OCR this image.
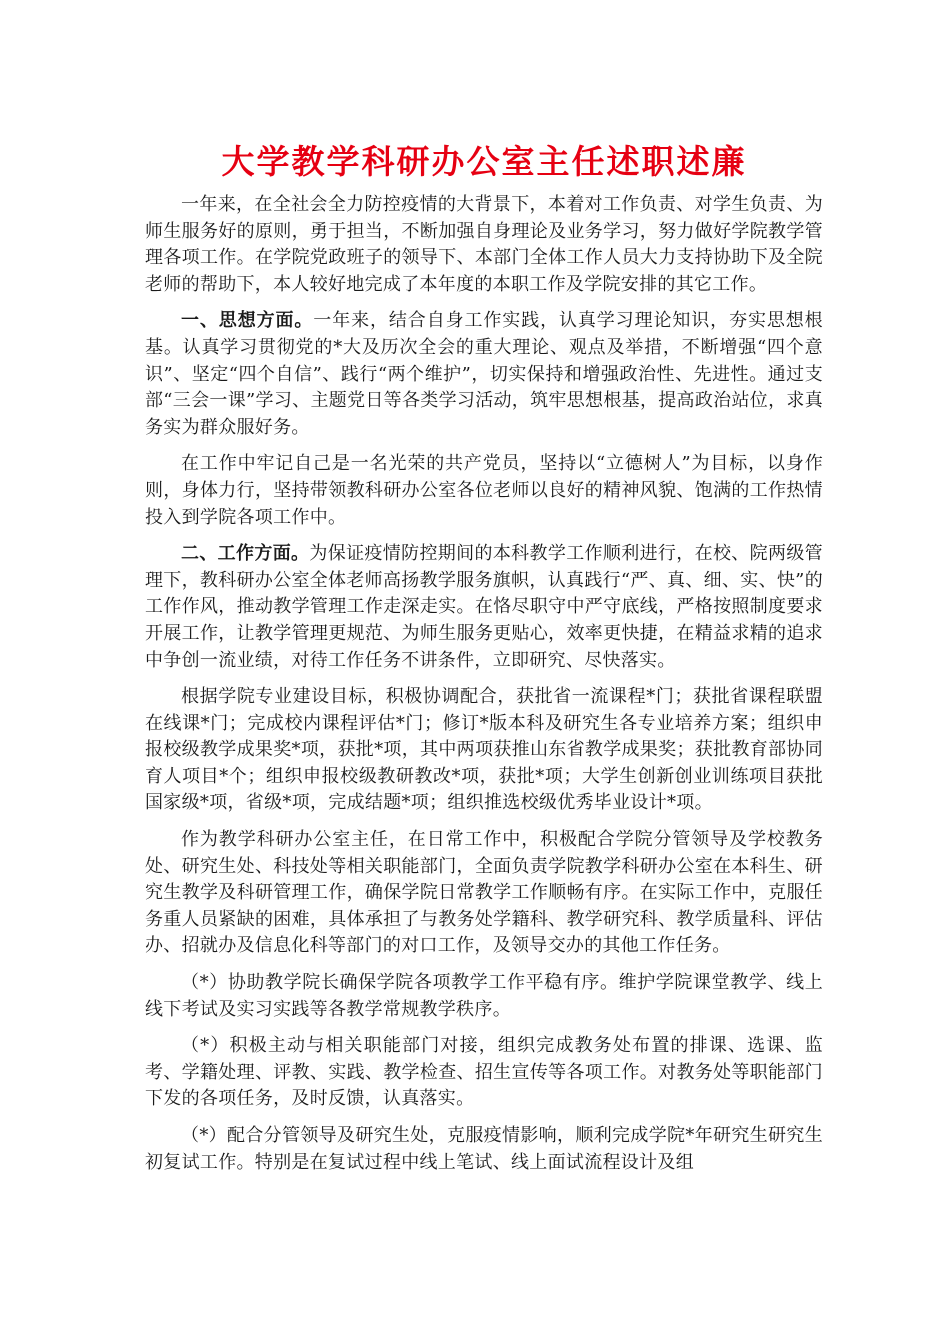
大学教学科研办公室主任述职述廉

一年来，在全社会全力防控疫情的大背景下，本着对工作负责、对学生负责、为师生服务好的原则，勇于担当，不断加强自身理论及业务学习，努力做好学院教学管理各项工作。在学院党政班子的领导下、本部门全体工作人员大力支持协助下及全院老师的帮助下，本人较好地完成了本年度的本职工作及学院安排的其它工作。

一、思想方面。一年来，结合自身工作实践，认真学习理论知识，夯实思想根基。认真学习贯彻党的*大及历次全会的重大理论、观点及举措，不断增强“四个意识”、坚定“四个自信”、践行“两个维护”，切实保持和增强政治性、先进性。通过支部“三会一课”学习、主题党日等各类学习活动，筑牢思想根基，提高政治站位，求真务实为群众服好务。

在工作中牢记自己是一名光荣的共产党员，坚持以“立德树人”为目标，以身作则，身体力行，坚持带领教科研办公室各位老师以良好的精神风貌、饱满的工作热情投入到学院各项工作中。

二、工作方面。为保证疫情防控期间的本科教学工作顺利进行，在校、院两级管理下，教科研办公室全体老师高扬教学服务旗帜，认真践行“严、真、细、实、快”的工作作风，推动教学管理工作走深走实。在恪尽职守中严守底线，严格按照制度要求开展工作，让教学管理更规范、为师生服务更贴心，效率更快捷，在精益求精的追求中争创一流业绩，对待工作任务不讲条件，立即研究、尽快落实。

根据学院专业建设目标，积极协调配合，获批省一流课程*门；获批省课程联盟在线课*门；完成校内课程评估*门；修订*版本科及研究生各专业培养方案；组织申报校级教学成果奖*项，获批*项，其中两项获推山东省教学成果奖；获批教育部协同育人项目*个；组织申报校级教研教改*项，获批*项；大学生创新创业训练项目获批国家级*项，省级*项，完成结题*项；组织推选校级优秀毕业设计*项。

作为教学科研办公室主任，在日常工作中，积极配合学院分管领导及学校教务处、研究生处、科技处等相关职能部门，全面负责学院教学科研办公室在本科生、研究生教学及科研管理工作，确保学院日常教学工作顺畅有序。在实际工作中，克服任务重人员紧缺的困难，具体承担了与教务处学籍科、教学研究科、教学质量科、评估办、招就办及信息化科等部门的对口工作，及领导交办的其他工作任务。

（*）协助教学院长确保学院各项教学工作平稳有序。维护学院课堂教学、线上线下考试及实习实践等各教学常规教学秩序。

（*）积极主动与相关职能部门对接，组织完成教务处布置的排课、选课、监考、学籍处理、评教、实践、教学检查、招生宣传等各项工作。对教务处等职能部门下发的各项任务，及时反馈，认真落实。

（*）配合分管领导及研究生处，克服疫情影响，顺利完成学院*年研究生研究生初复试工作。特别是在复试过程中线上笔试、线上面试流程设计及组
